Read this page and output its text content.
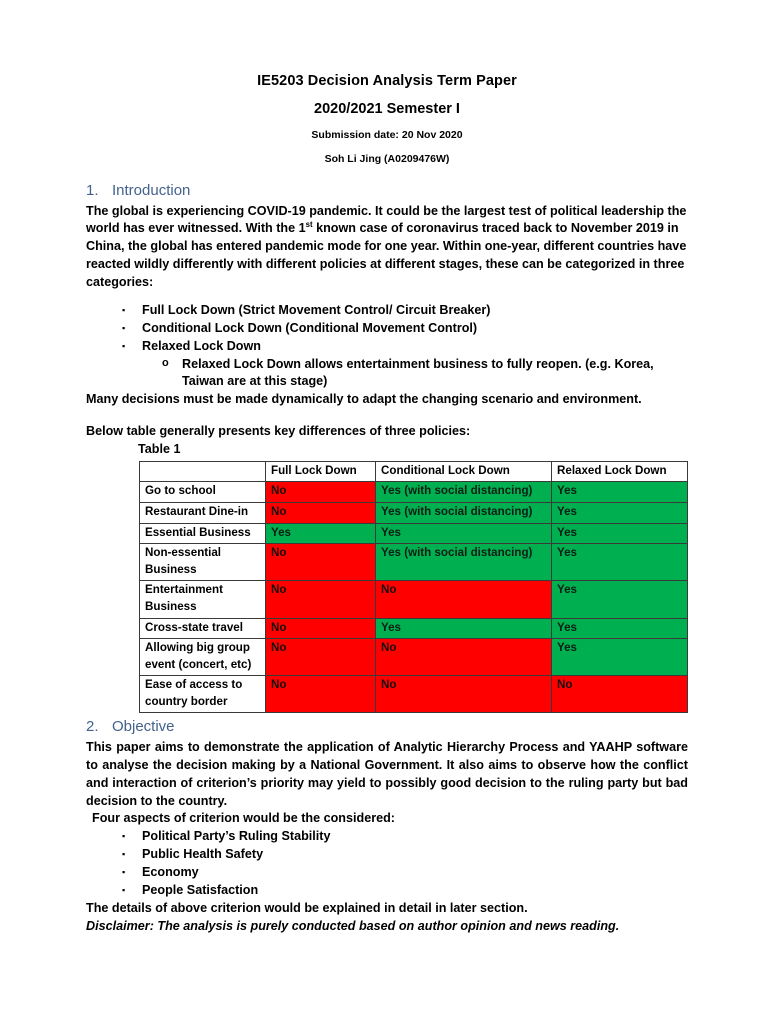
IE5203 Decision Analysis Term Paper
2020/2021 Semester I
Submission date: 20 Nov 2020
Soh Li Jing (A0209476W)
1. Introduction

The global is experiencing COVID-19 pandemic. It could be the largest test of political leadership the world has ever witnessed. With the 1st known case of coronavirus traced back to November 2019 in China, the global has entered pandemic mode for one year. Within one-year, different countries have reacted wildly differently with different policies at different stages, these can be categorized in three categories:

▪ Full Lock Down (Strict Movement Control/ Circuit Breaker)
▪ Conditional Lock Down (Conditional Movement Control)
▪ Relaxed Lock Down
o Relaxed Lock Down allows entertainment business to fully reopen. (e.g. Korea, Taiwan are at this stage)

Many decisions must be made dynamically to adapt the changing scenario and environment.

Below table generally presents key differences of three policies:

Table 1
	Full Lock Down	Conditional Lock Down	Relaxed Lock Down
Go to school	No	Yes (with social distancing)	Yes
Restaurant Dine-in	No	Yes (with social distancing)	Yes
Essential Business	Yes	Yes	Yes
Non-essential Business	No	Yes (with social distancing)	Yes
Entertainment Business	No	No	Yes
Cross-state travel	No	Yes	Yes
Allowing big group event (concert, etc)	No	No	Yes
Ease of access to country border	No	No	No
2. Objective

This paper aims to demonstrate the application of Analytic Hierarchy Process and YAAHP software to analyse the decision making by a National Government. It also aims to observe how the conflict and interaction of criterion’s priority may yield to possibly good decision to the ruling party but bad decision to the country.

Four aspects of criterion would be the considered:

▪ Political Party’s Ruling Stability
▪ Public Health Safety
▪ Economy
▪ People Satisfaction

The details of above criterion would be explained in detail in later section.

Disclaimer: The analysis is purely conducted based on author opinion and news reading.
